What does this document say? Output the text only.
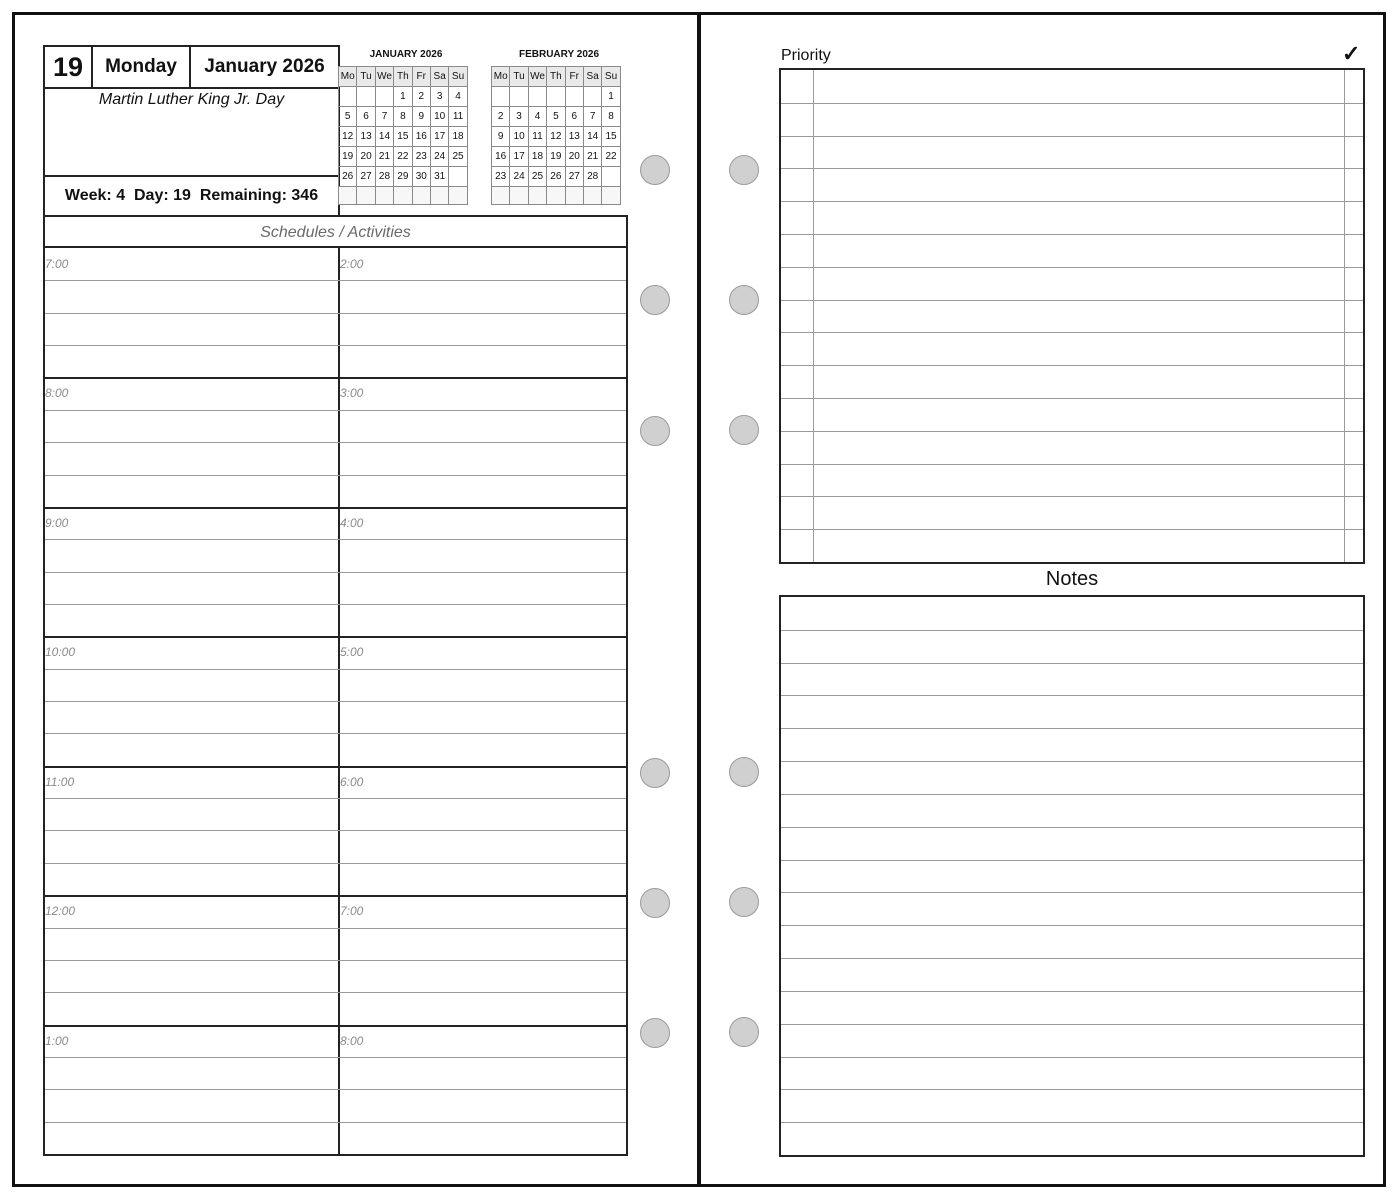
19	Monday	January 2026
Martin Luther King Jr. Day
Week:
4
Day:
19
Remaining:
346
JANUARY 2026
Mo	Tu	We	Th	Fr	Sa	Su
			1	2	3	4
5	6	7	8	9	10	11
12	13	14	15	16	17	18
19	20	21	22	23	24	25
26	27	28	29	30	31	

FEBRUARY 2026
Mo	Tu	We	Th	Fr	Sa	Su
						1
2	3	4	5	6	7	8
9	10	11	12	13	14	15
16	17	18	19	20	21	22
23	24	25	26	27	28	

Schedules / Activities
7:00	2:00
8:00	3:00
9:00	4:00
10:00	5:00
11:00	6:00
12:00	7:00
1:00	8:00
Priority	✓
Notes
